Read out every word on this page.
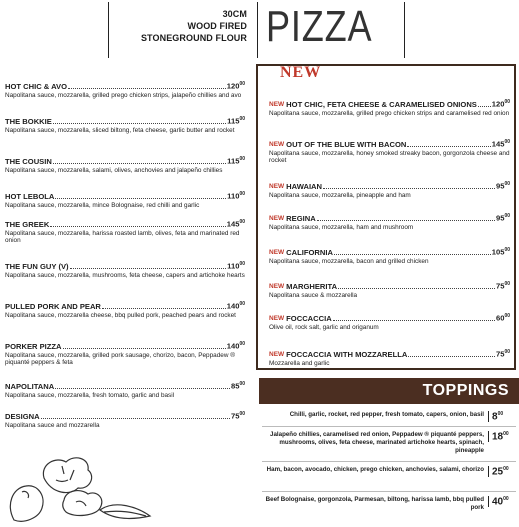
30CM
WOOD FIRED
STONEGROUND FLOUR PIZZA
HOT CHIC & AVO	$120^{00}$
Napolitana sauce, mozzarella, grilled prego chicken strips, jalapeño chillies and avo
THE BOKKIE	$115^{00}$
Napolitana sauce, mozzarella, sliced biltong, feta cheese, garlic butter and rocket
THE COUSIN	$115^{00}$
Napolitana sauce, mozzarella, salami, olives, anchovies and jalapeño chillies
HOT LEBOLA	$110^{00}$
Napolitana sauce, mozzarella, mince Bolognaise, red chilli and garlic
THE GREEK	$145^{00}$
Napolitana sauce, mozzarella, harissa roasted lamb, olives, feta and marinated red onion
THE FUN GUY (V)	$110^{00}$
Napolitana sauce, mozzarella, mushrooms, feta cheese, capers and artichoke hearts
PULLED PORK AND PEAR	$140^{00}$
Napolitana sauce, mozzarella cheese, bbq pulled pork, peached pears and rocket
PORKER PIZZA	$140^{00}$
Napolitana sauce, mozzarella, grilled pork sausage, chorizo, bacon, Peppadew ® piquanté peppers & feta
NAPOLITANA	$85^{00}$
Napolitana sauce, mozzarella, fresh tomato, garlic and basil
DESIGNA	$75^{00}$
Napolitana sauce and mozzarella
NEW
NEW HOT CHIC, FETA CHEESE & CARAMELISED ONIONS $120^{00}$
Napolitana sauce, mozzarella, grilled prego chicken strips and caramelised red onion
NEW OUT OF THE BLUE WITH BACON	$145^{00}$
Napolitana sauce, mozzarella, honey smoked streaky bacon, gorgonzola cheese and rocket
NEW HAWAIAN	$95^{00}$
Napolitana sauce, mozzarella, pineapple and ham
NEW REGINA	$95^{00}$
Napolitana sauce, mozzarella, ham and mushroom
NEW CALIFORNIA	$105^{00}$
Napolitana sauce, mozzarella, bacon and grilled chicken
NEW MARGHERITA	$75^{00}$
Napolitana sauce & mozzarella
NEW FOCCACCIA	$60^{00}$
Olive oil, rock salt, garlic and origanum
NEW FOCCACCIA WITH MOZZARELLA	$75^{00}$
Mozzarella and garlic
TOPPINGS
Chilli, garlic, rocket, red pepper, fresh tomato, capers, onion, basil $8^{00}$
Jalapeño chillies, caramelised red onion, Peppadew ® piquanté peppers, mushrooms, olives, feta cheese, marinated artichoke hearts, spinach, pineapple
$18^{00}$
Ham, bacon, avocado, chicken, prego chicken, anchovies, salami, chorizo $25^{00}$
Beef Bolognaise, gorgonzola, Parmesan, biltong, harissa lamb, bbq pulled pork
$40^{00}$
